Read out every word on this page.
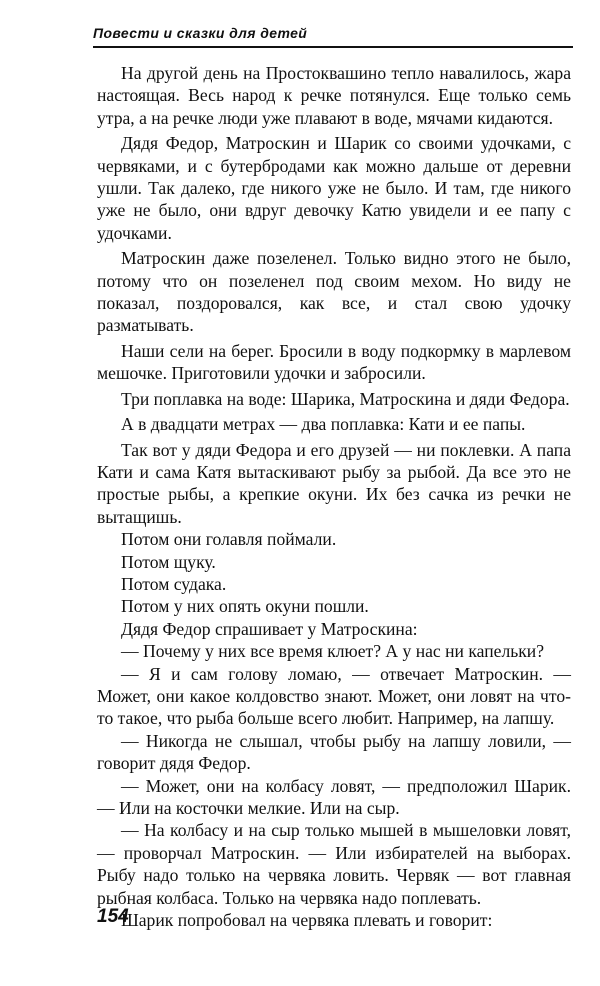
Повести и сказки для детей

На другой день на Простоквашино тепло навалилось, жара настоящая. Весь народ к речке потянулся. Еще только семь утра, а на речке люди уже плавают в воде, мячами кидаются.

Дядя Федор, Матроскин и Шарик со своими удочками, с червяками, и с бутербродами как можно дальше от деревни ушли. Так далеко, где никого уже не было. И там, где никого уже не было, они вдруг девочку Катю увидели и ее папу с удочками.

Матроскин даже позеленел. Только видно этого не было, потому что он позеленел под своим мехом. Но виду не показал, поздоровался, как все, и стал свою удочку разматывать.

Наши сели на берег. Бросили в воду подкормку в марлевом мешочке. Приготовили удочки и забросили.

Три поплавка на воде: Шарика, Матроскина и дяди Федора.

А в двадцати метрах — два поплавка: Кати и ее папы.

Так вот у дяди Федора и его друзей — ни поклевки. А папа Кати и сама Катя вытаскивают рыбу за рыбой. Да все это не простые рыбы, а крепкие окуни. Их без сачка из речки не вытащишь.

Потом они голавля поймали.

Потом щуку.

Потом судака.

Потом у них опять окуни пошли.

Дядя Федор спрашивает у Матроскина:

— Почему у них все время клюет? А у нас ни капельки?

— Я и сам голову ломаю, — отвечает Матроскин. — Может, они какое колдовство знают. Может, они ловят на что-то такое, что рыба больше всего любит. Например, на лапшу.

— Никогда не слышал, чтобы рыбу на лапшу ловили, — говорит дядя Федор.

— Может, они на колбасу ловят, — предположил Шарик. — Или на косточки мелкие. Или на сыр.

— На колбасу и на сыр только мышей в мышеловки ловят, — проворчал Матроскин. — Или избирателей на выборах. Рыбу надо только на червяка ловить. Червяк — вот главная рыбная колбаса. Только на червяка надо поплевать.

Шарик попробовал на червяка плевать и говорит:

154
